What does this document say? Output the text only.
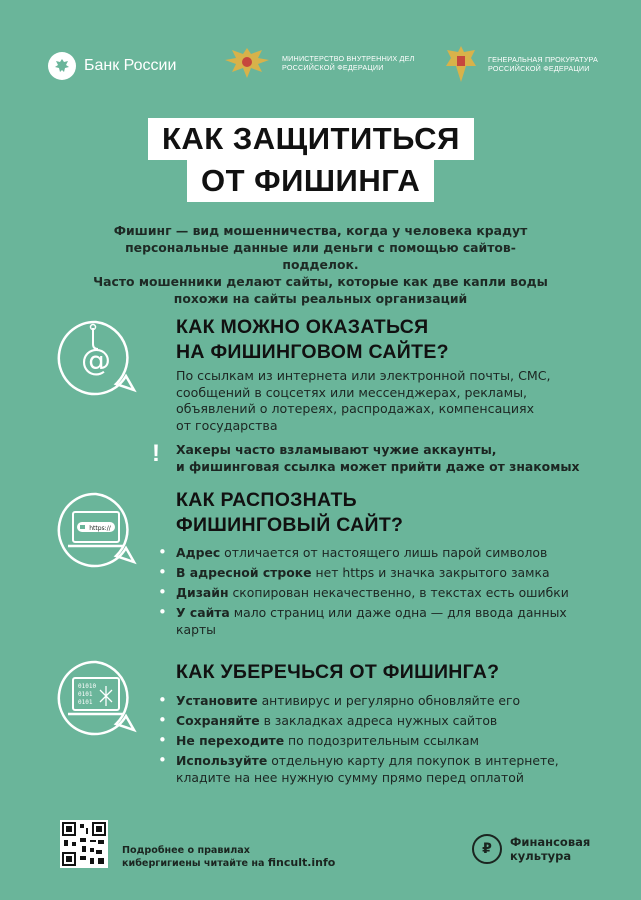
Банк России	МИНИСТЕРСТВО ВНУТРЕННИХ ДЕЛ
РОССИЙСКОЙ ФЕДЕРАЦИИ
ГЕНЕРАЛЬНАЯ ПРОКУРАТУРА
РОССИЙСКОЙ ФЕДЕРАЦИИ
КАК ЗАЩИТИТЬСЯ
ОТ ФИШИНГА
Фишинг — вид мошенничества, когда у человека крадут
персональные данные или деньги с помощью сайтов-подделок.
Часто мошенники делают сайты, которые как две капли воды
похожи на сайты реальных организаций
@
КАК МОЖНО ОКАЗАТЬСЯ
НА ФИШИНГОВОМ САЙТЕ?
По ссылкам из интернета или электронной почты, СМС,
сообщений в соцсетях или мессенджерах, рекламы,
объявлений о лотереях, распродажах, компенсациях
от государства
! Хакеры часто взламывают чужие аккаунты,
и фишинговая ссылка может прийти даже от знакомых
https://
КАК РАСПОЗНАТЬ
ФИШИНГОВЫЙ САЙТ?
• Адрес отличается от настоящего лишь парой символов
• В адресной строке нет https и значка закрытого замка
• Дизайн скопирован некачественно, в текстах есть ошибки
• У сайта мало страниц или даже одна — для ввода данных карты
01010
0101
0101
КАК УБЕРЕЧЬСЯ ОТ ФИШИНГА?
• Установите антивирус и регулярно обновляйте его
• Сохраняйте в закладках адреса нужных сайтов
• Не переходите по подозрительным ссылкам
• Используйте отдельную карту для покупок в интернете, кладите на нее нужную сумму прямо перед оплатой
Подробнее о правилах
кибергигиены читайте на fincult.info
₽	Финансовая
культура
